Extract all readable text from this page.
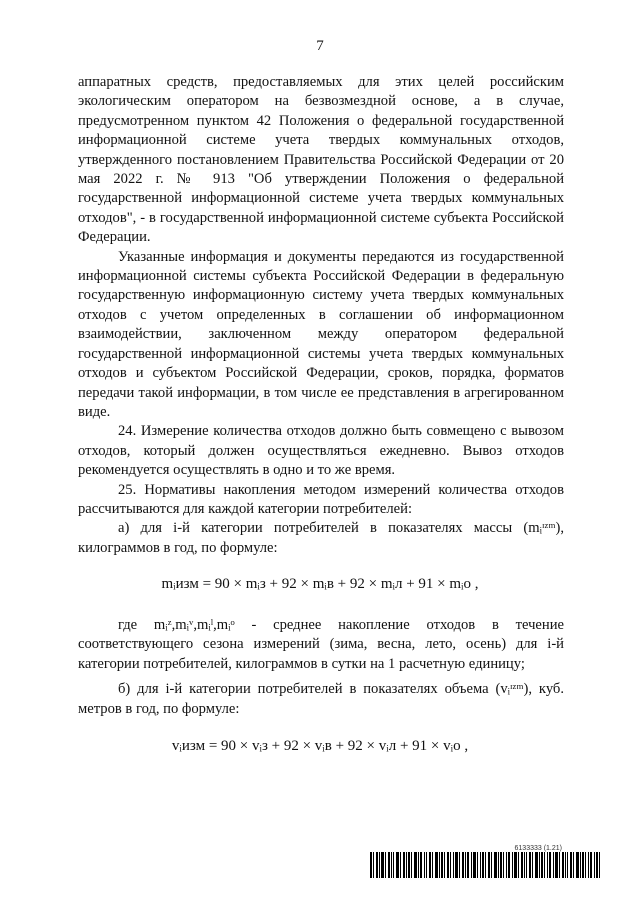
7

аппаратных средств, предоставляемых для этих целей российским экологическим оператором на безвозмездной основе, а в случае, предусмотренном пунктом 42 Положения о федеральной государственной информационной системе учета твердых коммунальных отходов, утвержденного постановлением Правительства Российской Федерации от 20 мая 2022 г. № 913 "Об утверждении Положения о федеральной государственной информационной системе учета твердых коммунальных отходов", - в государственной информационной системе субъекта Российской Федерации.

Указанные информация и документы передаются из государственной информационной системы субъекта Российской Федерации в федеральную государственную информационную систему учета твердых коммунальных отходов с учетом определенных в соглашении об информационном взаимодействии, заключенном между оператором федеральной государственной информационной системы учета твердых коммунальных отходов и субъектом Российской Федерации, сроков, порядка, форматов передачи такой информации, в том числе ее представления в агрегированном виде.

24. Измерение количества отходов должно быть совмещено с вывозом отходов, который должен осуществляться ежедневно. Вывоз отходов рекомендуется осуществлять в одно и то же время.

25. Нормативы накопления методом измерений количества отходов рассчитываются для каждой категории потребителей:

а) для i-й категории потребителей в показателях массы (mᵢᶦᶻᵐ), килограммов в год, по формуле:

mᵢизм = 90 × mᵢз + 92 × mᵢв + 92 × mᵢл + 91 × mᵢо ,

где mᵢᶻ,mᵢᵛ,mᵢˡ,mᵢᵒ - среднее накопление отходов в течение соответствующего сезона измерений (зима, весна, лето, осень) для i-й категории потребителей, килограммов в сутки на 1 расчетную единицу;

б) для i-й категории потребителей в показателях объема (vᵢᶦᶻᵐ), куб. метров в год, по формуле:

vᵢизм = 90 × vᵢз + 92 × vᵢв + 92 × vᵢл + 91 × vᵢо ,
6133333 (1.21)
